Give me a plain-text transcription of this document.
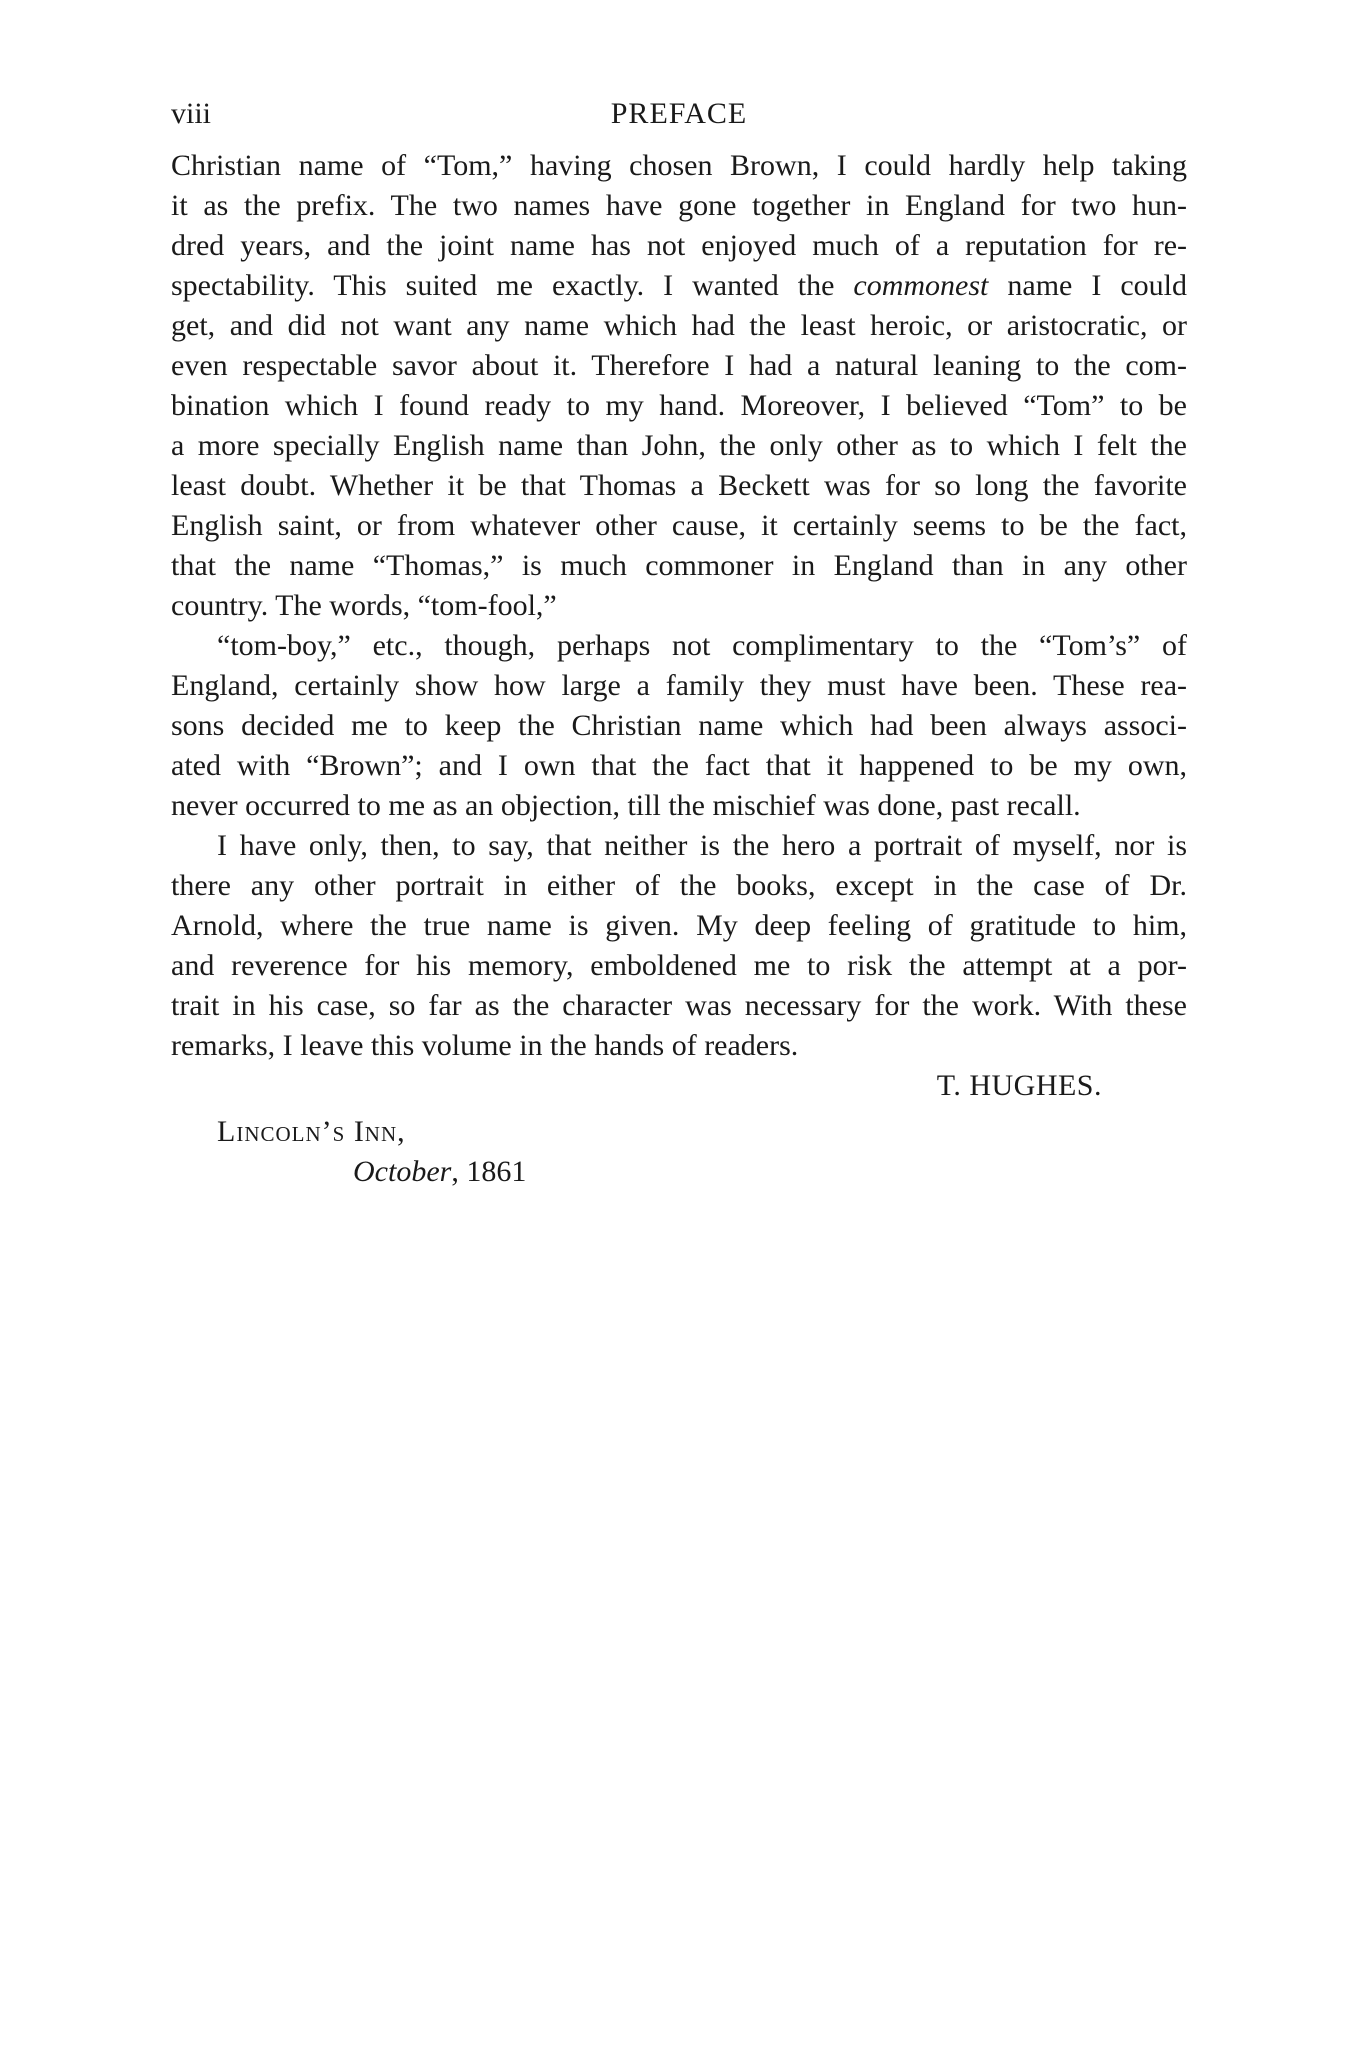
viii	PREFACE

Christian name of “Tom,” having chosen Brown, I could hardly help taking
it as the prefix. The two names have gone together in England for two hun-
dred years, and the joint name has not enjoyed much of a reputation for re-
spectability. This suited me exactly. I wanted the commonest name I could
get, and did not want any name which had the least heroic, or aristocratic, or
even respectable savor about it. Therefore I had a natural leaning to the com-
bination which I found ready to my hand. Moreover, I believed “Tom” to be
a more specially English name than John, the only other as to which I felt the
least doubt. Whether it be that Thomas a Beckett was for so long the favorite
English saint, or from whatever other cause, it certainly seems to be the fact,
that the name “Thomas,” is much commoner in England than in any other
country. The words, “tom-fool,”

“tom-boy,” etc., though, perhaps not complimentary to the “Tom’s” of
England, certainly show how large a family they must have been. These rea-
sons decided me to keep the Christian name which had been always associ-
ated with “Brown”; and I own that the fact that it happened to be my own,
never occurred to me as an objection, till the mischief was done, past recall.

I have only, then, to say, that neither is the hero a portrait of myself, nor is
there any other portrait in either of the books, except in the case of Dr.
Arnold, where the true name is given. My deep feeling of gratitude to him,
and reverence for his memory, emboldened me to risk the attempt at a por-
trait in his case, so far as the character was necessary for the work. With these
remarks, I leave this volume in the hands of readers.

T. HUGHES.
Lincoln’s Inn,
October, 1861
